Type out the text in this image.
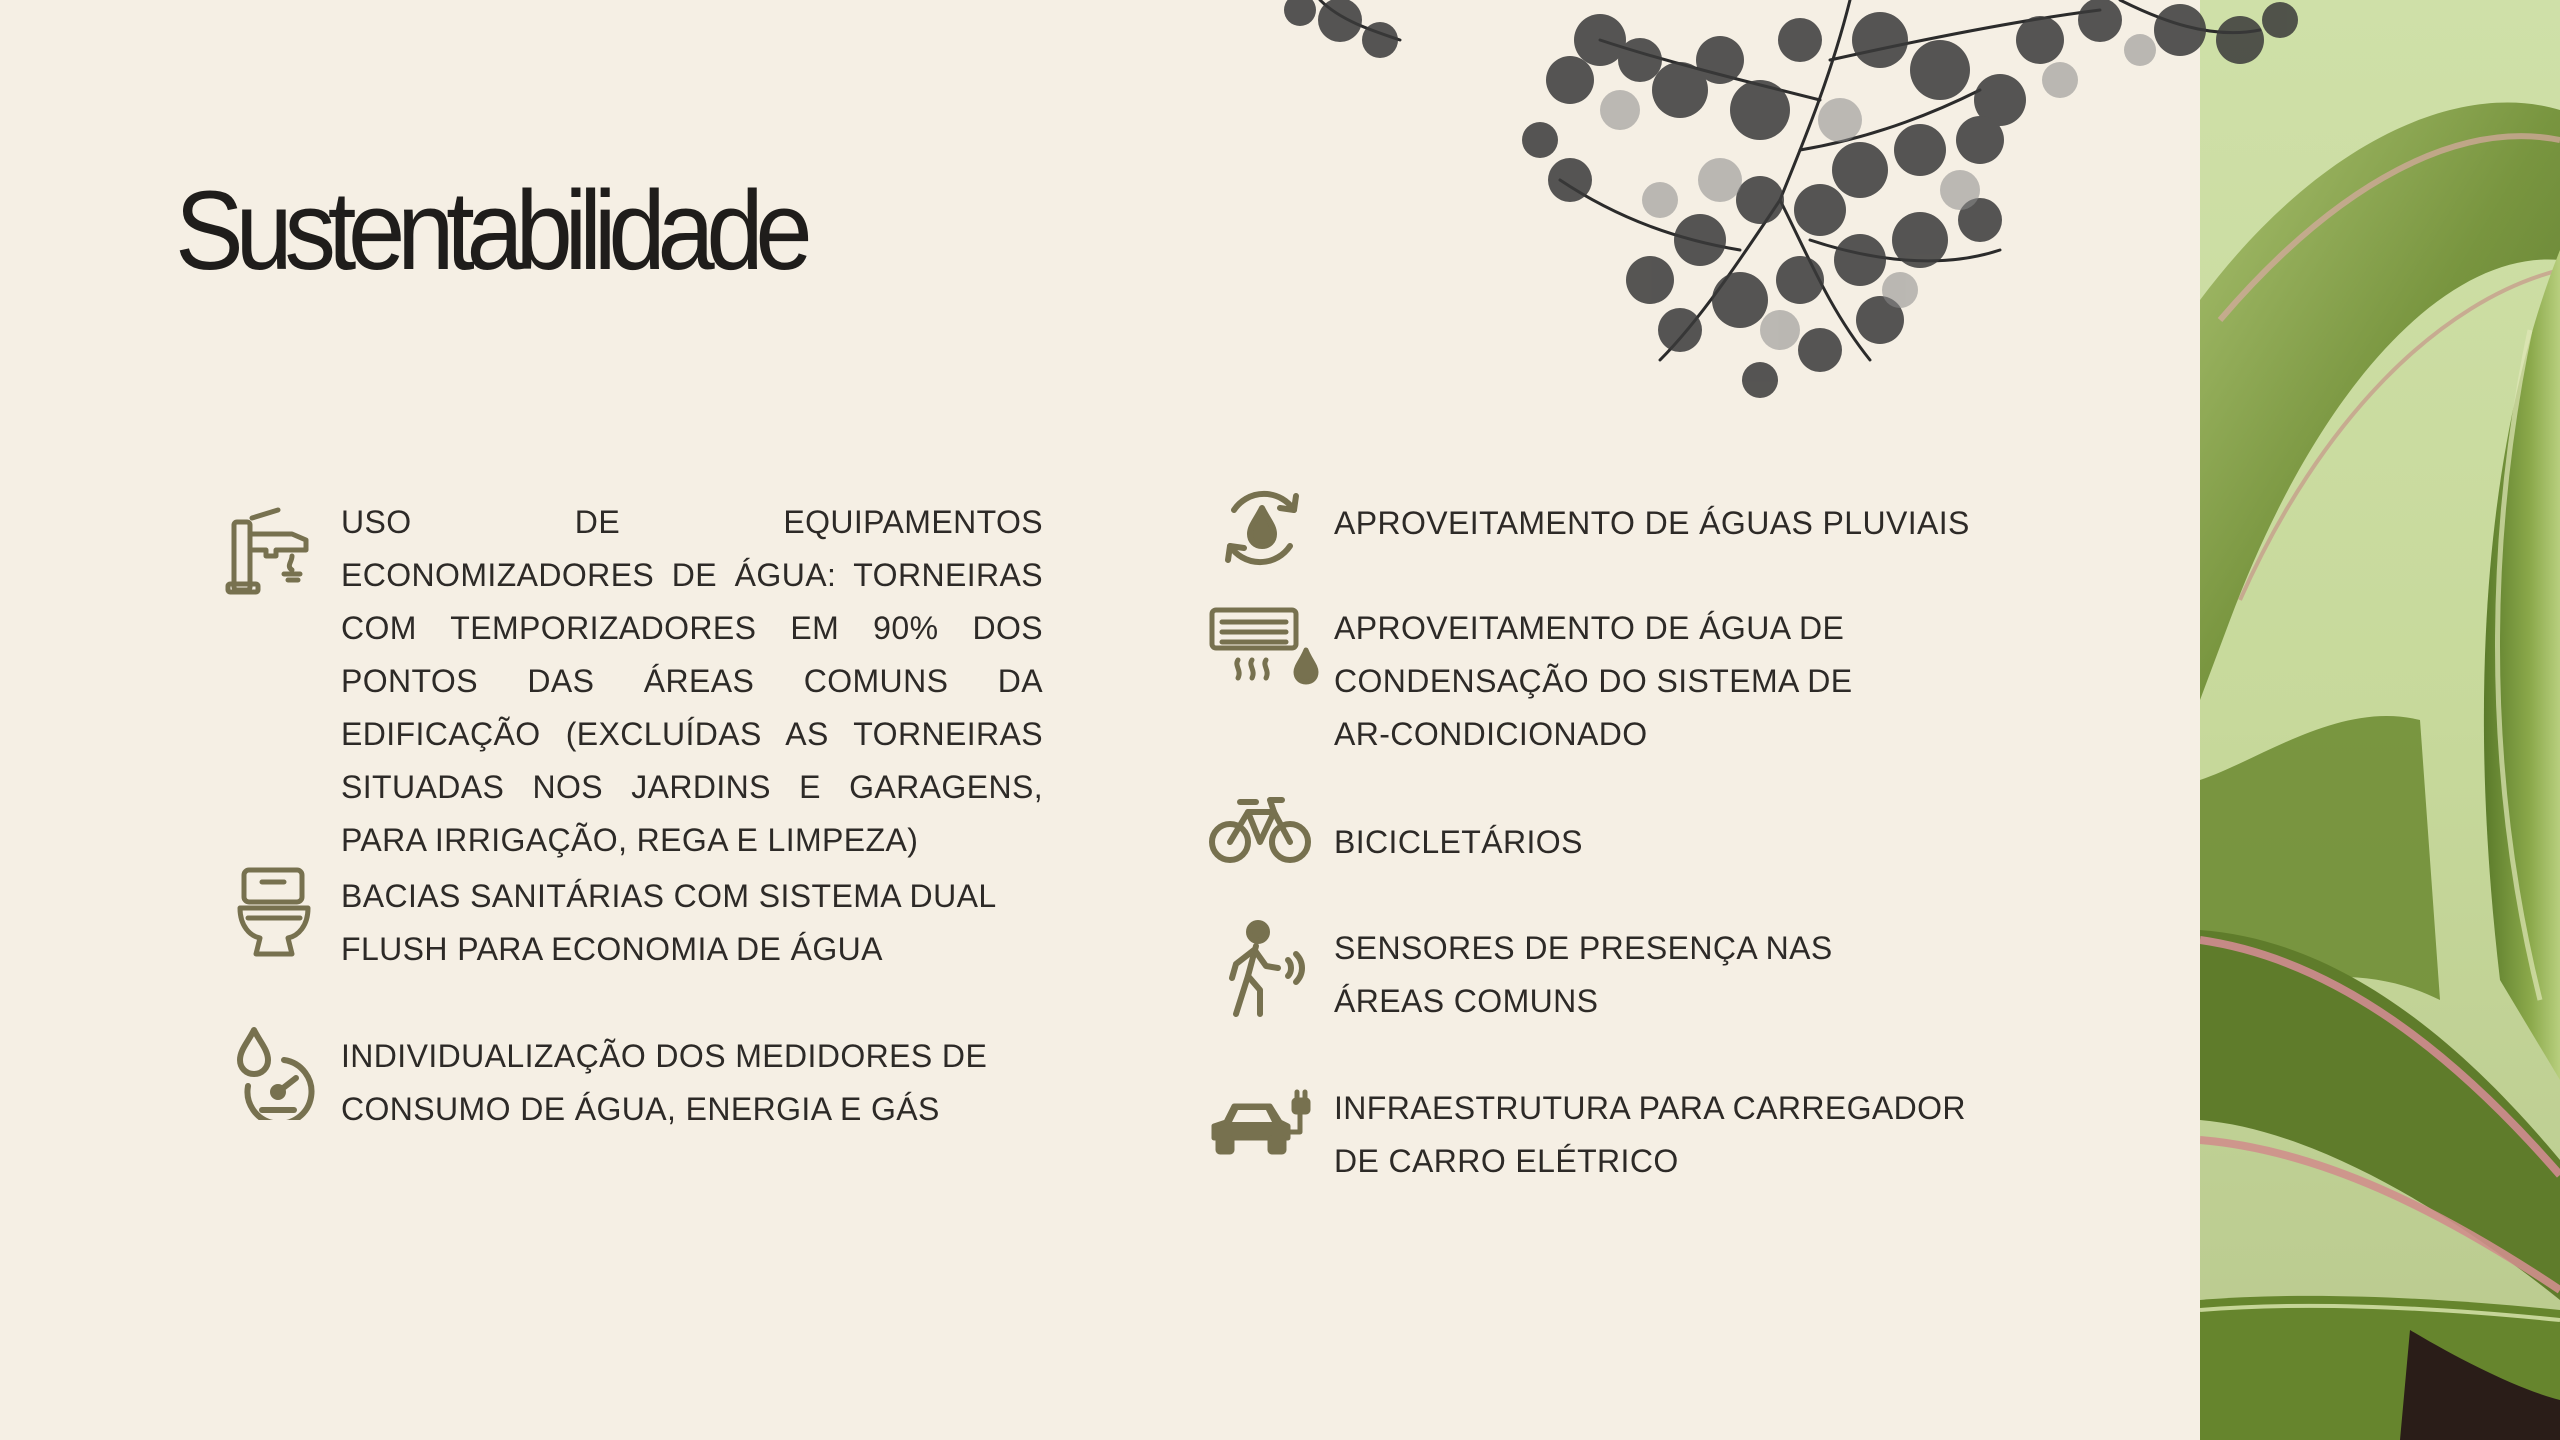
Sustentabilidade

USO DE EQUIPAMENTOS ECONOMIZADORES DE ÁGUA: TORNEIRAS COM TEMPORIZADORES EM 90% DOS PONTOS DAS ÁREAS COMUNS DA EDIFICAÇÃO (EXCLUÍDAS AS TORNEIRAS SITUADAS NOS JARDINS E GARAGENS, PARA IRRIGAÇÃO, REGA E LIMPEZA)

BACIAS SANITÁRIAS COM SISTEMA DUAL FLUSH PARA ECONOMIA DE ÁGUA

INDIVIDUALIZAÇÃO DOS MEDIDORES DE CONSUMO DE ÁGUA, ENERGIA E GÁS

APROVEITAMENTO DE ÁGUAS PLUVIAIS

APROVEITAMENTO DE ÁGUA DE CONDENSAÇÃO DO SISTEMA DE AR-CONDICIONADO

BICICLETÁRIOS

SENSORES DE PRESENÇA NAS ÁREAS COMUNS

INFRAESTRUTURA PARA CARREGADOR DE CARRO ELÉTRICO
